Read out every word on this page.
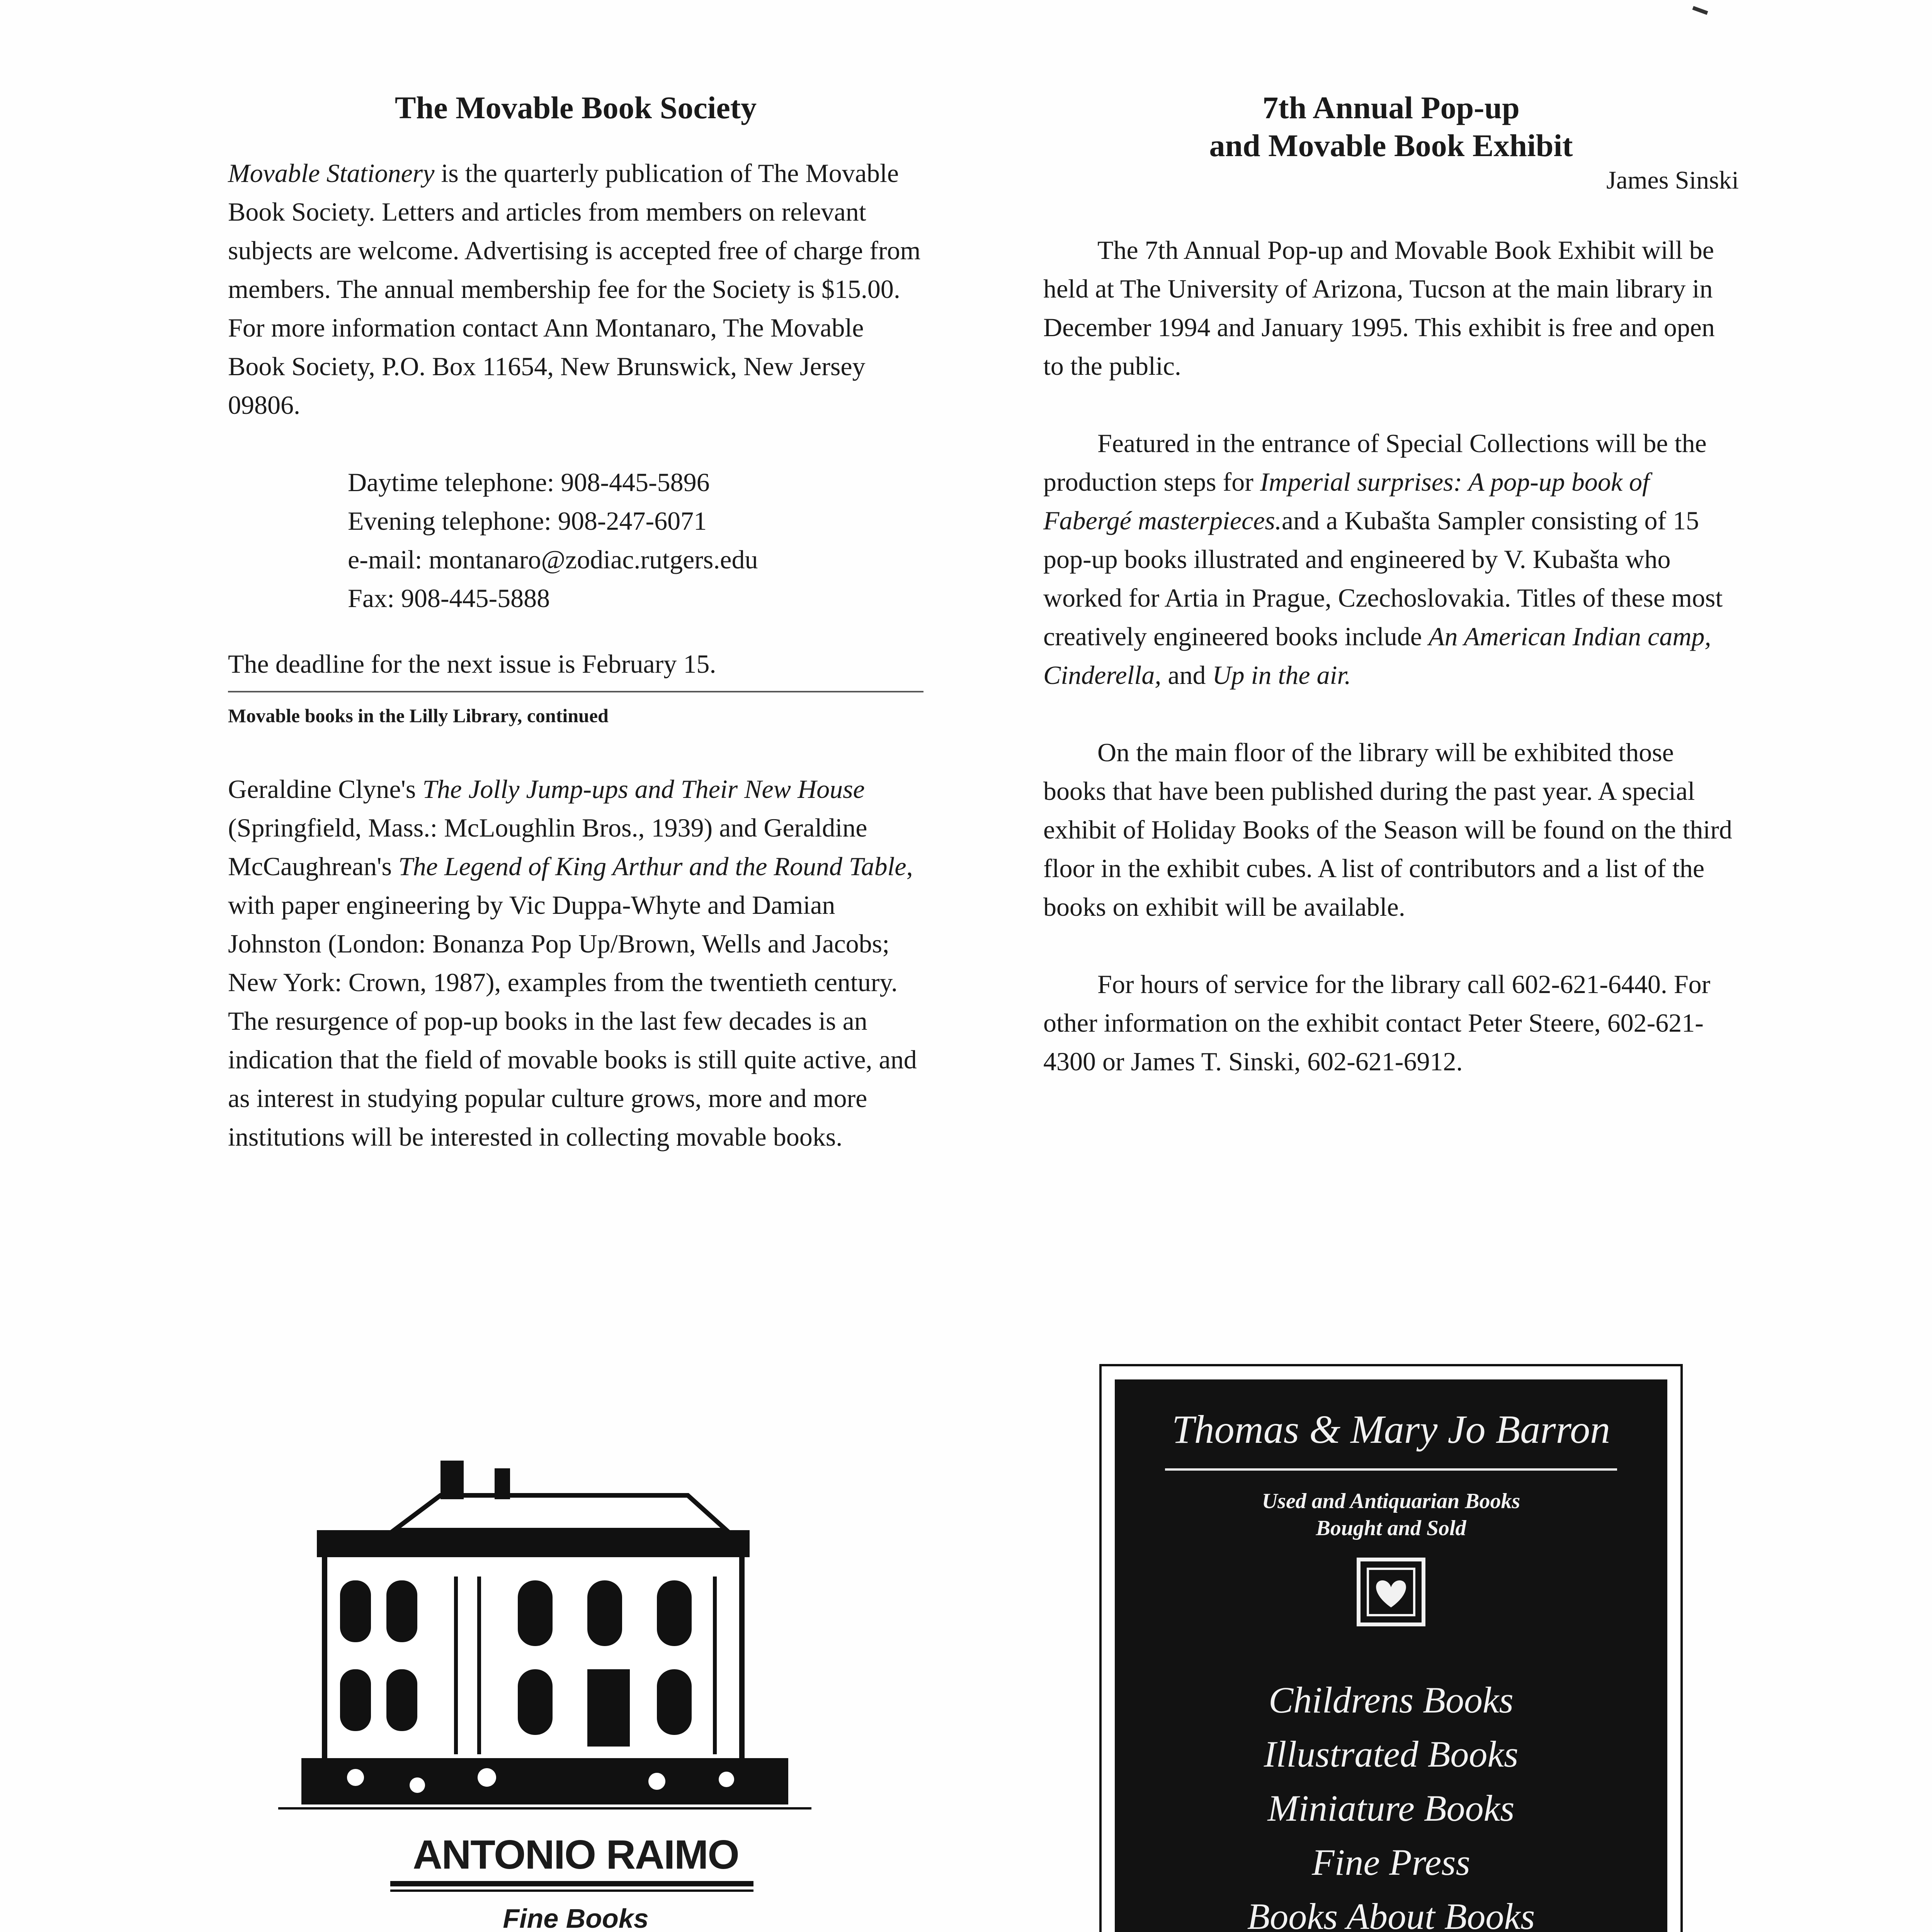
The Movable Book Society

Movable Stationery is the quarterly publication of The Movable Book Society. Letters and articles from members on relevant subjects are welcome. Advertising is accepted free of charge from members. The annual membership fee for the Society is $15.00. For more information contact Ann Montanaro, The Movable Book Society, P.O. Box 11654, New Brunswick, New Jersey 09806.

Daytime telephone: 908-445-5896
Evening telephone: 908-247-6071
e-mail: montanaro@zodiac.rutgers.edu
Fax: 908-445-5888
The deadline for the next issue is February 15.
Movable books in the Lilly Library, continued

Geraldine Clyne's The Jolly Jump-ups and Their New House (Springfield, Mass.: McLoughlin Bros., 1939) and Geraldine McCaughrean's The Legend of King Arthur and the Round Table, with paper engineering by Vic Duppa-Whyte and Damian Johnston (London: Bonanza Pop Up/Brown, Wells and Jacobs; New York: Crown, 1987), examples from the twentieth century. The resurgence of pop-up books in the last few decades is an indication that the field of movable books is still quite active, and as interest in studying popular culture grows, more and more institutions will be interested in collecting movable books.

7th Annual Pop-up
and Movable Book Exhibit
James Sinski
The 7th Annual Pop-up and Movable Book Exhibit will be held at The University of Arizona, Tucson at the main library in December 1994 and January 1995. This exhibit is free and open to the public.
Featured in the entrance of Special Collections will be the production steps for Imperial surprises: A pop-up book of Fabergé masterpieces.and a Kubašta Sampler consisting of 15 pop-up books illustrated and engineered by V. Kubašta who worked for Artia in Prague, Czechoslovakia. Titles of these most creatively engineered books include An American Indian camp, Cinderella, and Up in the air.
On the main floor of the library will be exhibited those books that have been published during the past year. A special exhibit of Holiday Books of the Season will be found on the third floor in the exhibit cubes. A list of contributors and a list of the books on exhibit will be available.
For hours of service for the library call 602-621-6440. For other information on the exhibit contact Peter Steere, 602-621-4300 or James T. Sinski, 602-621-6912.
ANTONIO RAIMO
Fine Books
Thomas & Mary Jo Barron
Used and Antiquarian Books
Bought and Sold
Childrens Books
Illustrated Books
Miniature Books
Fine Press
Books About Books
